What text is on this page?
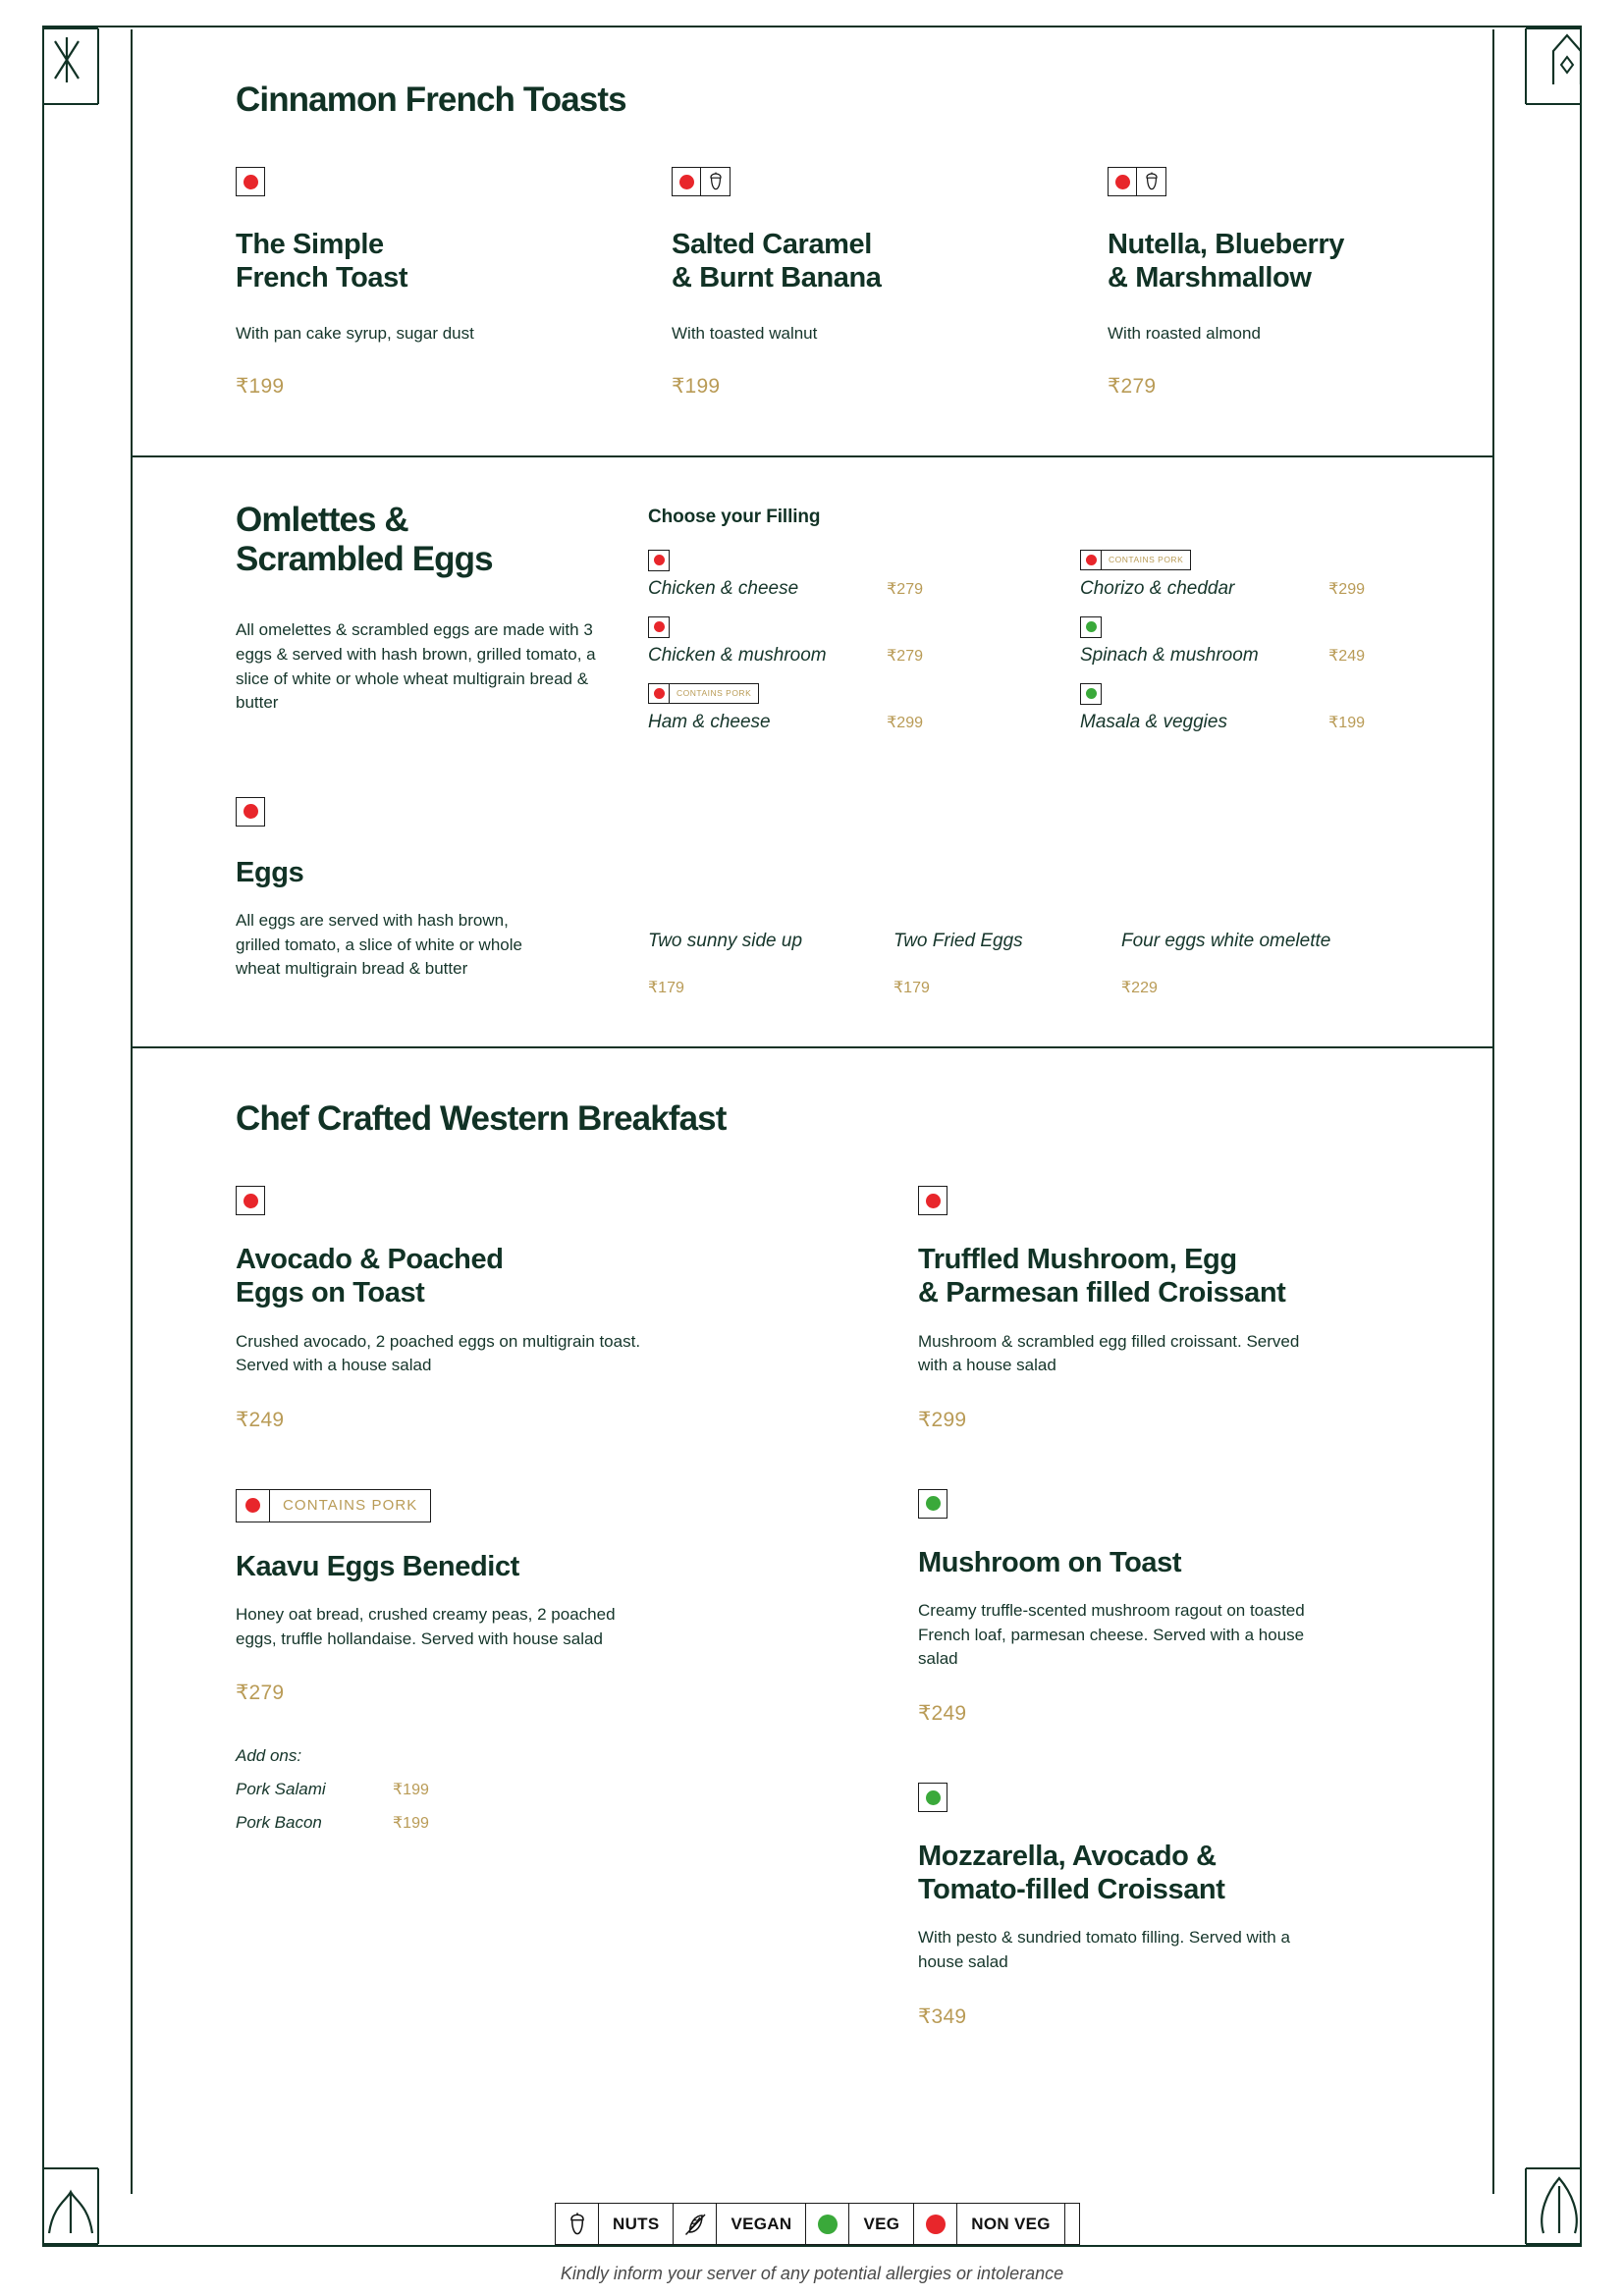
Cinnamon French Toasts
The Simple
French Toast
With pan cake syrup, sugar dust
₹199
Salted Caramel
& Burnt Banana
With toasted walnut
₹199
Nutella, Blueberry
& Marshmallow
With roasted almond
₹279
Omlettes &
Scrambled Eggs
All omelettes & scrambled eggs are made with 3 eggs & served with hash brown, grilled tomato, a slice of white or whole wheat multigrain bread & butter
Choose your Filling
Chicken & cheese	₹279
Chicken & mushroom	₹279
CONTAINS PORK
Ham & cheese	₹299
CONTAINS PORK
Chorizo & cheddar	₹299
Spinach & mushroom	₹249
Masala & veggies	₹199
Eggs
All eggs are served with hash brown, grilled tomato, a slice of white or whole wheat multigrain bread & butter
Two sunny side up
₹179
Two Fried Eggs
₹179
Four eggs white omelette
₹229
Chef Crafted Western Breakfast
Avocado & Poached
Eggs on Toast
Crushed avocado, 2 poached eggs on multigrain toast. Served with a house salad
₹249
CONTAINS PORK
Kaavu Eggs Benedict
Honey oat bread, crushed creamy peas, 2 poached eggs, truffle hollandaise. Served with house salad
₹279
Add ons:
Pork Salami	₹199
Pork Bacon	₹199
Truffled Mushroom, Egg
& Parmesan filled Croissant
Mushroom & scrambled egg filled croissant. Served with a house salad
₹299
Mushroom on Toast
Creamy truffle-scented mushroom ragout on toasted French loaf, parmesan cheese. Served with a house salad
₹249
Mozzarella, Avocado &
Tomato-filled Croissant
With pesto & sundried tomato filling. Served with a house salad
₹349
NUTS	VEGAN	VEG	NON VEG
Kindly inform your server of any potential allergies or intolerance
